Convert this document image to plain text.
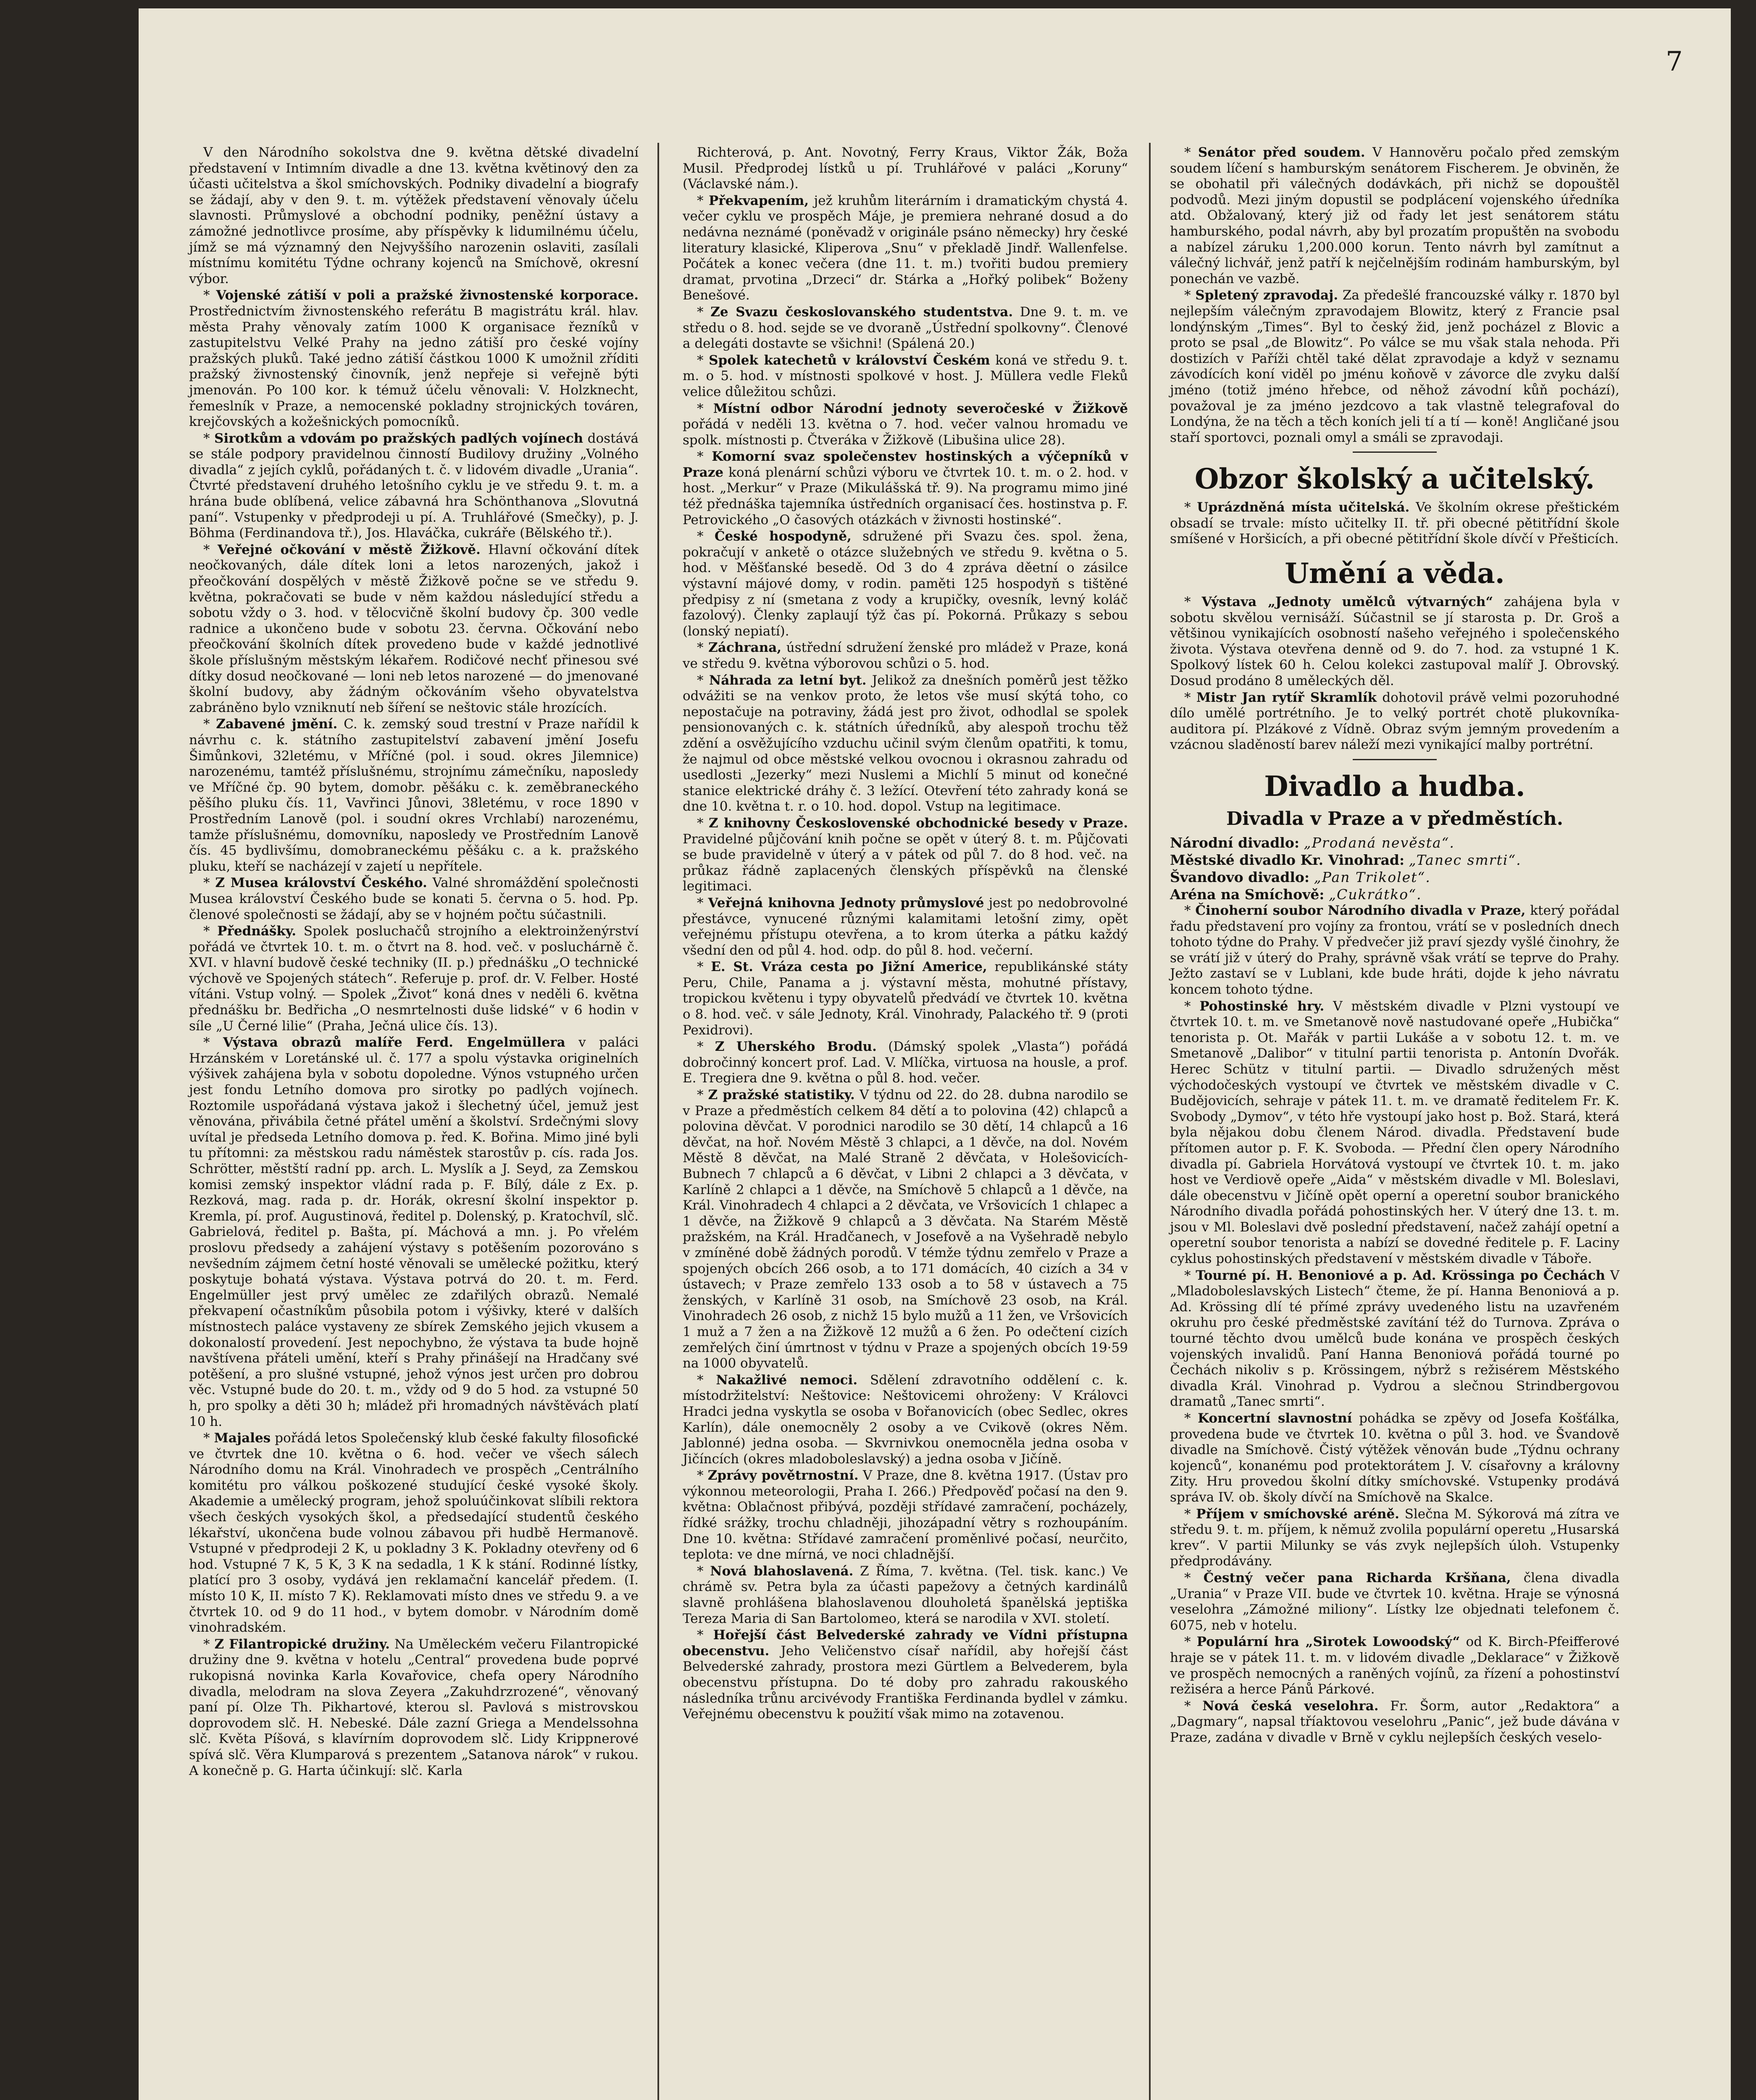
V den Národního sokolstva dne 9. května dětské divadelní představení v Intimním divadle a dne 13. května květinový den za účasti učitelstva a škol smíchovských. Podniky divadelní a biografy se žádají, aby v den 9. t. m. výtěžek představení věnovaly účelu slavnosti. Průmyslové a obchodní podniky, peněžní ústavy a zámožné jednotlivce prosíme, aby příspěvky k lidumilnému účelu, jímž se má významný den Nejvyššího narozenin oslaviti, zasílali místnímu komitétu Týdne ochrany kojenců na Smíchově, okresní výbor.

* Vojenské zátiší v poli a pražské živnostenské korporace. Prostřednictvím živnostenského referátu B magistrátu král. hlav. města Prahy věnovaly zatím 1000 K organisace řezníků v zastupitelstvu Velké Prahy na jedno zátiší pro české vojíny pražských pluků. Také jedno zátiší částkou 1000 K umožnil zříditi pražský živnostenský činovník, jenž nepřeje si veřejně býti jmenován. Po 100 kor. k témuž účelu věnovali: V. Holzknecht, řemeslník v Praze, a nemocenské pokladny strojnických továren, krejčovských a kožešnických pomocníků.

* Sirotkům a vdovám po pražských padlých vojínech dostává se stále podpory pravidelnou činností Budilovy družiny „Volného divadla“ z jejích cyklů, pořádaných t. č. v lidovém divadle „Urania“. Čtvrté představení druhého letošního cyklu je ve středu 9. t. m. a hrána bude oblíbená, velice zábavná hra Schönthanova „Slovutná paní“. Vstupenky v předprodeji u pí. A. Truhlářové (Smečky), p. J. Böhma (Ferdinandova tř.), Jos. Hlaváčka, cukráře (Bělského tř.).

* Veřejné očkování v městě Žižkově. Hlavní očkování dítek neočkovaných, dále dítek loni a letos narozených, jakož i přeočkování dospělých v městě Žižkově počne se ve středu 9. května, pokračovati se bude v něm každou následující středu a sobotu vždy o 3. hod. v tělocvičně školní budovy čp. 300 vedle radnice a ukončeno bude v sobotu 23. června. Očkování nebo přeočkování školních dítek provedeno bude v každé jednotlivé škole příslušným městským lékařem. Rodičové nechť přinesou své dítky dosud neočkované — loni neb letos narozené — do jmenované školní budovy, aby žádným očkováním všeho obyvatelstva zabráněno bylo vzniknutí neb šíření se neštovic stále hrozících.

* Zabavené jmění. C. k. zemský soud trestní v Praze nařídil k návrhu c. k. státního zastupitelství zabavení jmění Josefu Šimůnkovi, 32letému, v Mříčné (pol. i soud. okres Jilemnice) narozenému, tamtéž příslušnému, strojnímu zámečníku, naposledy ve Mříčné čp. 90 bytem, domobr. pěšáku c. k. zeměbraneckého pěšího pluku čís. 11, Vavřinci Jůnovi, 38letému, v roce 1890 v Prostředním Lanově (pol. i soudní okres Vrchlabí) narozenému, tamže příslušnému, domovníku, naposledy ve Prostředním Lanově čís. 45 bydlivšímu, domobraneckému pěšáku c. a k. pražského pluku, kteří se nacházejí v zajetí u nepřítele.

* Z Musea království Českého. Valné shromáždění společnosti Musea království Českého bude se konati 5. června o 5. hod. Pp. členové společnosti se žádají, aby se v hojném počtu súčastnili.

* Přednášky. Spolek posluchačů strojního a elektroinženýrství pořádá ve čtvrtek 10. t. m. o čtvrt na 8. hod. več. v posluchárně č. XVI. v hlavní budově české techniky (II. p.) přednášku „O technické výchově ve Spojených státech“. Referuje p. prof. dr. V. Felber. Hosté vítáni. Vstup volný. — Spolek „Život“ koná dnes v neděli 6. května přednášku br. Bedřicha „O nesmrtelnosti duše lidské“ v 6 hodin v síle „U Černé lilie“ (Praha, Ječná ulice čís. 13).

* Výstava obrazů malíře Ferd. Engelmüllera v paláci Hrzánském v Loretánské ul. č. 177 a spolu výstavka originelních výšivek zahájena byla v sobotu dopoledne. Výnos vstupného určen jest fondu Letního domova pro sirotky po padlých vojínech. Roztomile uspořádaná výstava jakož i šlechetný účel, jemuž jest věnována, přivábila četné přátel umění a školství. Srdečnými slovy uvítal je předseda Letního domova p. řed. K. Bořina. Mimo jiné byli tu přítomni: za městskou radu náměstek starostův p. cís. rada Jos. Schrötter, městští radní pp. arch. L. Myslík a J. Seyd, za Zemskou komisi zemský inspektor vládní rada p. F. Bílý, dále z Ex. p. Rezková, mag. rada p. dr. Horák, okresní školní inspektor p. Kremla, pí. prof. Augustinová, ředitel p. Dolenský, p. Kratochvíl, slč. Gabrielová, ředitel p. Bašta, pí. Máchová a mn. j. Po vřelém proslovu předsedy a zahájení výstavy s potěšením pozorováno s nevšedním zájmem četní hosté věnovali se umělecké požitku, který poskytuje bohatá výstava. Výstava potrvá do 20. t. m. Ferd. Engelmüller jest prvý umělec ze zdařilých obrazů. Nemalé překvapení očastníkům působila potom i výšivky, které v dalších místnostech paláce vystaveny ze sbírek Zemského jejich vkusem a dokonalostí provedení. Jest nepochybno, že výstava ta bude hojně navštívena přáteli umění, kteří s Prahy přinášejí na Hradčany své potěšení, a pro slušné vstupné, jehož výnos jest určen pro dobrou věc. Vstupné bude do 20. t. m., vždy od 9 do 5 hod. za vstupné 50 h, pro spolky a děti 30 h; mládež při hromadných návštěvách platí 10 h.

* Majales pořádá letos Společenský klub české fakulty filosofické ve čtvrtek dne 10. května o 6. hod. večer ve všech sálech Národního domu na Král. Vinohradech ve prospěch „Centrálního komitétu pro válkou poškozené studující české vysoké školy. Akademie a umělecký program, jehož spoluúčinkovat slíbili rektora všech českých vysokých škol, a předsedající studentů českého lékařství, ukončena bude volnou zábavou při hudbě Hermanově. Vstupné v předprodeji 2 K, u pokladny 3 K. Pokladny otevřeny od 6 hod. Vstupné 7 K, 5 K, 3 K na sedadla, 1 K k stání. Rodinné lístky, platící pro 3 osoby, vydává jen reklamační kancelář předem. (I. místo 10 K, II. místo 7 K). Reklamovati místo dnes ve středu 9. a ve čtvrtek 10. od 9 do 11 hod., v bytem domobr. v Národním domě vinohradském.

* Z Filantropické družiny. Na Uměleckém večeru Filantropické družiny dne 9. května v hotelu „Central“ provedena bude poprvé rukopisná novinka Karla Kovařovice, chefa opery Národního divadla, melodram na slova Zeyera „Zakuhdrzrozené“, věnovaný paní pí. Olze Th. Pikhartové, kterou sl. Pavlová s mistrovskou doprovodem slč. H. Nebeské. Dále zazní Griega a Mendelssohna slč. Květa Píšová, s klavírním doprovodem slč. Lidy Krippnerové spívá slč. Věra Klumparová s prezentem „Satanova nárok“ v rukou. A konečně p. G. Harta účinkují: slč. Karla

Richterová, p. Ant. Novotný, Ferry Kraus, Viktor Žák, Boža Musil. Předprodej lístků u pí. Truhlářové v paláci „Koruny“ (Václavské nám.).

* Překvapením, jež kruhům literárním i dramatickým chystá 4. večer cyklu ve prospěch Máje, je premiera nehrané dosud a do nedávna neznámé (poněvadž v originále psáno německy) hry české literatury klasické, Kliperova „Snu“ v překladě Jindř. Wallenfelse. Počátek a konec večera (dne 11. t. m.) tvořiti budou premiery dramat, prvotina „Drzeci“ dr. Stárka a „Hořký polibek“ Boženy Benešové.

* Ze Svazu českoslovanského studentstva. Dne 9. t. m. ve středu o 8. hod. sejde se ve dvoraně „Ústřední spolkovny“. Členové a delegáti dostavte se všichni! (Spálená 20.)

* Spolek katechetů v království Českém koná ve středu 9. t. m. o 5. hod. v místnosti spolkové v host. J. Müllera vedle Fleků velice důležitou schůzi.

* Místní odbor Národní jednoty severočeské v Žižkově pořádá v neděli 13. května o 7. hod. večer valnou hromadu ve spolk. místnosti p. Čtveráka v Žižkově (Libušina ulice 28).

* Komorní svaz společenstev hostinských a výčepníků v Praze koná plenární schůzi výboru ve čtvrtek 10. t. m. o 2. hod. v host. „Merkur“ v Praze (Mikulášská tř. 9). Na programu mimo jiné též přednáška tajemníka ústředních organisací čes. hostinstva p. F. Petrovického „O časových otázkách v živnosti hostinské“.

* České hospodyně, sdružené při Svazu čes. spol. žena, pokračují v anketě o otázce služebných ve středu 9. května o 5. hod. v Měšťanské besedě. Od 3 do 4 zpráva děetní o zásilce výstavní májové domy, v rodin. paměti 125 hospodyň s tištěné předpisy z ní (smetana z vody a krupičky, ovesník, levný koláč fazolový). Členky zaplaují týž čas pí. Pokorná. Průkazy s sebou (lonský nepiatí).

* Záchrana, ústřední sdružení ženské pro mládež v Praze, koná ve středu 9. května výborovou schůzi o 5. hod.

* Náhrada za letní byt. Jelikož za dnešních poměrů jest těžko odvážiti se na venkov proto, že letos vše musí skýtá toho, co nepostačuje na potraviny, žádá jest pro život, odhodlal se spolek pensionovaných c. k. státních úředníků, aby alespoň trochu těž zdění a osvěžujícího vzduchu učinil svým členům opatřiti, k tomu, že najmul od obce městské velkou ovocnou i okrasnou zahradu od usedlosti „Jezerky“ mezi Nuslemi a Michlí 5 minut od konečné stanice elektrické dráhy č. 3 ležící. Otevření této zahrady koná se dne 10. května t. r. o 10. hod. dopol. Vstup na legitimace.

* Z knihovny Československé obchodnické besedy v Praze. Pravidelné půjčování knih počne se opět v úterý 8. t. m. Půjčovati se bude pravidelně v úterý a v pátek od půl 7. do 8 hod. več. na průkaz řádně zaplacených členských příspěvků na členské legitimaci.

* Veřejná knihovna Jednoty průmyslové jest po nedobrovolné přestávce, vynucené různými kalamitami letošní zimy, opět veřejnému přístupu otevřena, a to krom úterka a pátku každý všední den od půl 4. hod. odp. do půl 8. hod. večerní.

* E. St. Vráza cesta po Jižní Americe, republikánské státy Peru, Chile, Panama a j. výstavní města, mohutné přístavy, tropickou květenu i typy obyvatelů předvádí ve čtvrtek 10. května o 8. hod. več. v sále Jednoty, Král. Vinohrady, Palackého tř. 9 (proti Pexidrovi).

* Z Uherského Brodu. (Dámský spolek „Vlasta“) pořádá dobročinný koncert prof. Lad. V. Mlíčka, virtuosa na housle, a prof. E. Tregiera dne 9. května o půl 8. hod. večer.

* Z pražské statistiky. V týdnu od 22. do 28. dubna narodilo se v Praze a předměstích celkem 84 dětí a to polovina (42) chlapců a polovina děvčat. V porodnici narodilo se 30 dětí, 14 chlapců a 16 děvčat, na hoř. Novém Městě 3 chlapci, a 1 děvče, na dol. Novém Městě 8 děvčat, na Malé Straně 2 děvčata, v Holešovicích-Bubnech 7 chlapců a 6 děvčat, v Libni 2 chlapci a 3 děvčata, v Karlíně 2 chlapci a 1 děvče, na Smíchově 5 chlapců a 1 děvče, na Král. Vinohradech 4 chlapci a 2 děvčata, ve Vršovicích 1 chlapec a 1 děvče, na Žižkově 9 chlapců a 3 děvčata. Na Starém Městě pražském, na Král. Hradčanech, v Josefově a na Vyšehradě nebylo v zmíněné době žádných porodů. V témže týdnu zemřelo v Praze a spojených obcích 266 osob, a to 171 domácích, 40 cizích a 34 v ústavech; v Praze zemřelo 133 osob a to 58 v ústavech a 75 ženských, v Karlíně 31 osob, na Smíchově 23 osob, na Král. Vinohradech 26 osob, z nichž 15 bylo mužů a 11 žen, ve Vršovicích 1 muž a 7 žen a na Žižkově 12 mužů a 6 žen. Po odečtení cizích zemřelých činí úmrtnost v týdnu v Praze a spojených obcích 19·59 na 1000 obyvatelů.

* Nakažlivé nemoci. Sdělení zdravotního oddělení c. k. místodržitelství: Neštovice: Neštovicemi ohroženy: V Královci Hradci jedna vyskytla se osoba v Bořanovicích (obec Sedlec, okres Karlín), dále onemocněly 2 osoby a ve Cvikově (okres Něm. Jablonné) jedna osoba. — Skvrnivkou onemocněla jedna osoba v Jičíncích (okres mladoboleslavský) a jedna osoba v Jičíně.

* Zprávy povětrnostní. V Praze, dne 8. května 1917. (Ústav pro výkonnou meteorologii, Praha I. 266.) Předpověď počasí na den 9. května: Oblačnost přibývá, později střídavé zamračení, pocházely, řídké srážky, trochu chladněji, jihozápadní větry s rozhoupáním. Dne 10. května: Střídavé zamračení proměnlivé počasí, neurčito, teplota: ve dne mírná, ve noci chladnější.

* Nová blahoslavená. Z Říma, 7. května. (Tel. tisk. kanc.) Ve chrámě sv. Petra byla za účasti papežovy a četných kardinálů slavně prohlášena blahoslavenou dlouholetá španělská jeptiška Tereza Maria di San Bartolomeo, která se narodila v XVI. století.

* Hořejší část Belvederské zahrady ve Vídni přístupna obecenstvu. Jeho Veličenstvo císař nařídil, aby hořejší část Belvederské zahrady, prostora mezi Gürtlem a Belvederem, byla obecenstvu přístupna. Do té doby pro zahradu rakouského následníka trůnu arcivévody Františka Ferdinanda bydlel v zámku. Veřejnému obecenstvu k použití však mimo na zotavenou.

* Senátor před soudem. V Hannověru počalo před zemským soudem líčení s hamburským senátorem Fischerem. Je obviněn, že se obohatil při válečných dodávkách, při nichž se dopouštěl podvodů. Mezi jiným dopustil se podplácení vojenského úředníka atd. Obžalovaný, který již od řady let jest senátorem státu hamburského, podal návrh, aby byl prozatím propuštěn na svobodu a nabízel záruku 1,200.000 korun. Tento návrh byl zamítnut a válečný lichvář, jenž patří k nejčelnějším rodinám hamburským, byl ponechán ve vazbě.

* Spletený zpravodaj. Za předešlé francouzské války r. 1870 byl nejlepším válečným zpravodajem Blowitz, který z Francie psal londýnským „Times“. Byl to český žid, jenž pocházel z Blovic a proto se psal „de Blowitz“. Po válce se mu však stala nehoda. Při dostizích v Paříži chtěl také dělat zpravodaje a když v seznamu závodících koní viděl po jménu koňově v závorce dle zvyku další jméno (totiž jméno hřebce, od něhož závodní kůň pochází), považoval je za jméno jezdcovo a tak vlastně telegrafoval do Londýna, že na těch a těch koních jeli tí a tí — koně! Angličané jsou staří sportovci, poznali omyl a smáli se zpravodaji.

Obzor školský a učitelský.

* Uprázdněná místa učitelská. Ve školním okrese přeštickém obsadí se trvale: místo učitelky II. tř. při obecné pětitřídní škole smíšené v Horšicích, a při obecné pětitřídní škole dívčí v Přešticích.

Umění a věda.

* Výstava „Jednoty umělců výtvarných“ zahájena byla v sobotu skvělou vernisáží. Súčastnil se jí starosta p. Dr. Groš a většinou vynikajících osobností našeho veřejného i společenského života. Výstava otevřena denně od 9. do 7. hod. za vstupné 1 K. Spolkový lístek 60 h. Celou kolekci zastupoval malíř J. Obrovský. Dosud prodáno 8 uměleckých děl.

* Mistr Jan rytíř Skramlík dohotovil právě velmi pozoruhodné dílo umělé portrétního. Je to velký portrét chotě plukovníka-auditora pí. Plzákové z Vídně. Obraz svým jemným provedením a vzácnou sladěností barev náleží mezi vynikající malby portrétní.

Divadlo a hudba.
Divadla v Praze a v předměstích.

Národní divadlo: „Prodaná nevěsta“.

Městské divadlo Kr. Vinohrad: „Tanec smrti“.

Švandovo divadlo: „Pan Trikolet“.

Aréna na Smíchově: „Cukrátko“.

* Činoherní soubor Národního divadla v Praze, který pořádal řadu představení pro vojíny za frontou, vrátí se v posledních dnech tohoto týdne do Prahy. V předvečer již praví sjezdy vyšlé činohry, že se vrátí již v úterý do Prahy, správně však vrátí se teprve do Prahy. Ježto zastaví se v Lublani, kde bude hráti, dojde k jeho návratu koncem tohoto týdne.

* Pohostinské hry. V městském divadle v Plzni vystoupí ve čtvrtek 10. t. m. ve Smetanově nově nastudované opeře „Hubička“ tenorista p. Ot. Mařák v partii Lukáše a v sobotu 12. t. m. ve Smetanově „Dalibor“ v titulní partii tenorista p. Antonín Dvořák. Herec Schütz v titulní partii. — Divadlo sdružených měst východočeských vystoupí ve čtvrtek ve městském divadle v C. Budějovicích, sehraje v pátek 11. t. m. ve dramatě ředitelem Fr. K. Svobody „Dymov“, v této hře vystoupí jako host p. Bož. Stará, která byla nějakou dobu členem Národ. divadla. Představení bude přítomen autor p. F. K. Svoboda. — Přední člen opery Národního divadla pí. Gabriela Horvátová vystoupí ve čtvrtek 10. t. m. jako host ve Verdiově opeře „Aida“ v městském divadle v Ml. Boleslavi, dále obecenstvu v Jičíně opět operní a operetní soubor branického Národního divadla pořádá pohostinských her. V úterý dne 13. t. m. jsou v Ml. Boleslavi dvě poslední představení, načež zahájí opetní a operetní soubor tenorista a nabízí se dovedné ředitele p. F. Laciny cyklus pohostinských představení v městském divadle v Táboře.

* Tourné pí. H. Benoniové a p. Ad. Krössinga po Čechách V „Mladoboleslavských Listech“ čteme, že pí. Hanna Benoniová a p. Ad. Krössing dlí té přímé zprávy uvedeného listu na uzavřeném okruhu pro české předměstské zavítání též do Turnova. Zpráva o tourné těchto dvou umělců bude konána ve prospěch českých vojenských invalidů. Paní Hanna Benoniová pořádá tourné po Čechách nikoliv s p. Krössingem, nýbrž s režisérem Městského divadla Král. Vinohrad p. Vydrou a slečnou Strindbergovou dramatů „Tanec smrti“.

* Koncertní slavnostní pohádka se zpěvy od Josefa Košťálka, provedena bude ve čtvrtek 10. května o půl 3. hod. ve Švandově divadle na Smíchově. Čistý výtěžek věnován bude „Týdnu ochrany kojenců“, konanému pod protektorátem J. V. císařovny a královny Zity. Hru provedou školní dítky smíchovské. Vstupenky prodává správa IV. ob. školy dívčí na Smíchově na Skalce.

* Příjem v smíchovské aréně. Slečna M. Sýkorová má zítra ve středu 9. t. m. příjem, k němuž zvolila populární operetu „Husarská krev“. V partii Milunky se vás zvyk nejlepších úloh. Vstupenky předprodávány.

* Čestný večer pana Richarda Kršňana, člena divadla „Urania“ v Praze VII. bude ve čtvrtek 10. května. Hraje se výnosná veselohra „Zámožné miliony“. Lístky lze objednati telefonem č. 6075, neb v hotelu.

* Populární hra „Sirotek Lowoodský“ od K. Birch-Pfeifferové hraje se v pátek 11. t. m. v lidovém divadle „Deklarace“ v Žižkově ve prospěch nemocných a raněných vojínů, za řízení a pohostinství režiséra a herce Pánů Párkové.

* Nová česká veselohra. Fr. Šorm, autor „Redaktora“ a „Dagmary“, napsal tříaktovou veselohru „Panic“, jež bude dávána v Praze, zadána v divadle v Brně v cyklu nejlepších českých veselo-

7
